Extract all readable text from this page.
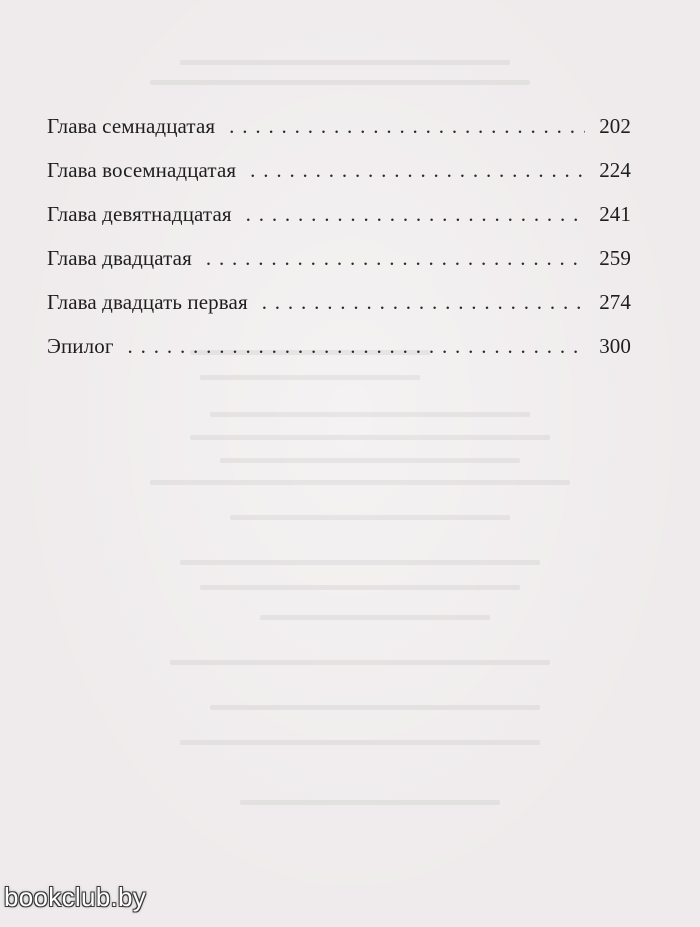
Глава семнадцатая . . .	202
Глава восемнадцатая . . .	224
Глава девятнадцатая . . .	241
Глава двадцатая . . .	259
Глава двадцать первая . . .	274
Эпилог . . .	300
bookclub.by
